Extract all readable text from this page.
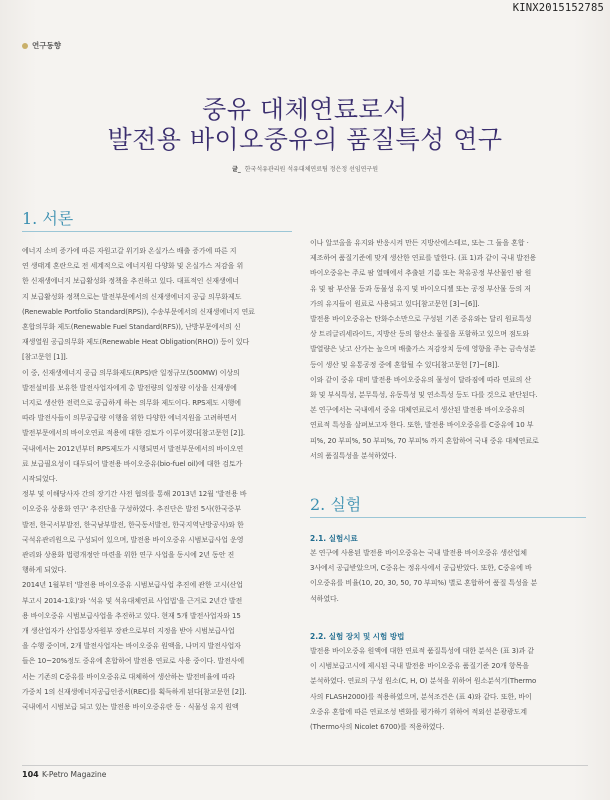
KINX2015152785
연구동향
중유 대체연료로서
발전용 바이오중유의 품질특성 연구
글_ 한국석유관리원 석유대체연료팀 정은정 선임연구원
1. 서론

에너지 소비 증가에 따른 자원고갈 위기와 온실가스 배출 증가에 따른 지

연 생태계 혼란으로 전 세계적으로 에너지원 다양화 및 온실가스 저감을 위

한 신재생에너지 보급활성화 정책을 추진하고 있다. 대표적인 신재생에너

지 보급활성화 정책으로는 발전부문에서의 신재생에너지 공급 의무화제도

(Renewable Portfolio Standard(RPS)), 수송부문에서의 신재생에너지 연료

혼합의무화 제도(Renewable Fuel Standard(RFS)), 난방부문에서의 신

재생열원 공급의무화 제도(Renewable Heat Obligation(RHO)) 등이 있다

[참고문헌 [1]].

이 중, 신재생에너지 공급 의무화제도(RPS)란 일정규모(500MW) 이상의

발전설비를 보유한 발전사업자에게 총 발전량의 일정량 이상을 신재생에

너지로 생산한 전력으로 공급하게 하는 의무화 제도이다. RPS제도 시행에

따라 발전사들이 의무공급량 이행을 위한 다양한 에너지원을 고려하면서

발전부문에서의 바이오연료 적용에 대한 검토가 이루어졌다[참고문헌 [2]].

국내에서는 2012년부터 RPS제도가 시행되면서 발전부문에서의 바이오연

료 보급필요성이 대두되어 발전용 바이오중유(bio-fuel oil)에 대한 검토가

시작되었다.

정부 및 이해당사자 간의 장기간 사전 협의를 통해 2013년 12월 '발전용 바

이오중유 상용화 연구' 추진단을 구성하였다. 추진단은 발전 5사(한국중부

발전, 한국서부발전, 한국남부발전, 한국동서발전, 한국지역난방공사)와 한

국석유관리원으로 구성되어 있으며, 발전용 바이오중유 시범보급사업 운영

관리와 상용화 법령개정안 마련을 위한 연구 사업을 동시에 2년 동안 진

행하게 되었다.

2014년 1월부터 '발전용 바이오중유 시범보급사업 추진에 관한 고시(산업

부고시 2014-1호)'와 '석유 및 석유대체연료 사업법'을 근거로 2년간 발전

용 바이오중유 시범보급사업을 추진하고 있다. 현재 5개 발전사업자와 15

개 생산업자가 산업통상자원부 장관으로부터 지정을 받아 시범보급사업

을 수행 중이며, 2개 발전사업자는 바이오중유 원액을, 나머지 발전사업자

들은 10~20%정도 중유에 혼합하여 발전용 연료로 사용 중이다. 발전사에

서는 기존의 C중유를 바이오중유로 대체하여 생산하는 발전비율에 따라

가중치 1의 신재생에너지공급인증서(REC)를 획득하게 된다[참고문헌 [2]].

국내에서 시범보급 되고 있는 발전용 바이오중유란 동 · 식물성 유지 원액

이나 알코올을 유지와 반응시켜 만든 지방산에스테르, 또는 그 둘을 혼합 ·

제조하여 품질기준에 맞게 생산한 연료를 말한다. (표 1)과 같이 국내 발전용

바이오중유는 주로 팜 열매에서 추출된 기름 또는 착유공정 부산물인 팜 원

유 및 팜 부산물 등과 동물성 유지 및 바이오디젤 또는 공정 부산물 등의 저

가의 유지들이 원료로 사용되고 있다[참고문헌 [3]~[6]].

발전용 바이오중유는 탄화수소만으로 구성된 기존 중유와는 달리 원료특성

상 트리글리세라이드, 지방산 등의 함산소 물질을 포함하고 있으며 점도와

발열량은 낮고 산가는 높으며 배출가스 저감장치 등에 영향을 주는 금속성분

등이 생산 및 유통공정 중에 혼합될 수 있다[참고문헌 [7]~[8]].

이와 같이 중유 대비 발전용 바이오중유의 물성이 달라짐에 따라 연료의 산

화 및 부식특성, 분무특성, 유동특성 및 연소특성 등도 다를 것으로 판단된다.

본 연구에서는 국내에서 중유 대체연료로서 생산된 발전용 바이오중유의

연료적 특성을 살펴보고자 한다. 또한, 발전용 바이오중유를 C중유에 10 부

피%, 20 부피%, 50 부피%, 70 부피% 까지 혼합하여 국내 중유 대체연료로

서의 품질특성을 분석하였다.

2. 실험
2.1. 실험시료

본 연구에 사용된 발전용 바이오중유는 국내 발전용 바이오중유 생산업체

3사에서 공급받았으며, C중유는 정유사에서 공급받았다. 또한, C중유에 바

이오중유를 비율(10, 20, 30, 50, 70 부피%) 별로 혼합하여 품질 특성을 분

석하였다.

2.2. 실험 장치 및 시험 방법

발전용 바이오중유 원액에 대한 연료적 품질특성에 대한 분석은 (표 3)과 같

이 시범보급고시에 제시된 국내 발전용 바이오중유 품질기준 20개 항목을

분석하였다. 연료의 구성 원소(C, H, O) 분석을 위하여 원소분석기(Thermo

사의 FLASH2000)를 적용하였으며, 분석조건은 (표 4)와 같다. 또한, 바이

오중유 혼합에 따른 연료조성 변화를 평가하기 위하여 적외선 분광광도계

(Thermo사의 Nicolet 6700)를 적용하였다.

104 K-Petro Magazine
